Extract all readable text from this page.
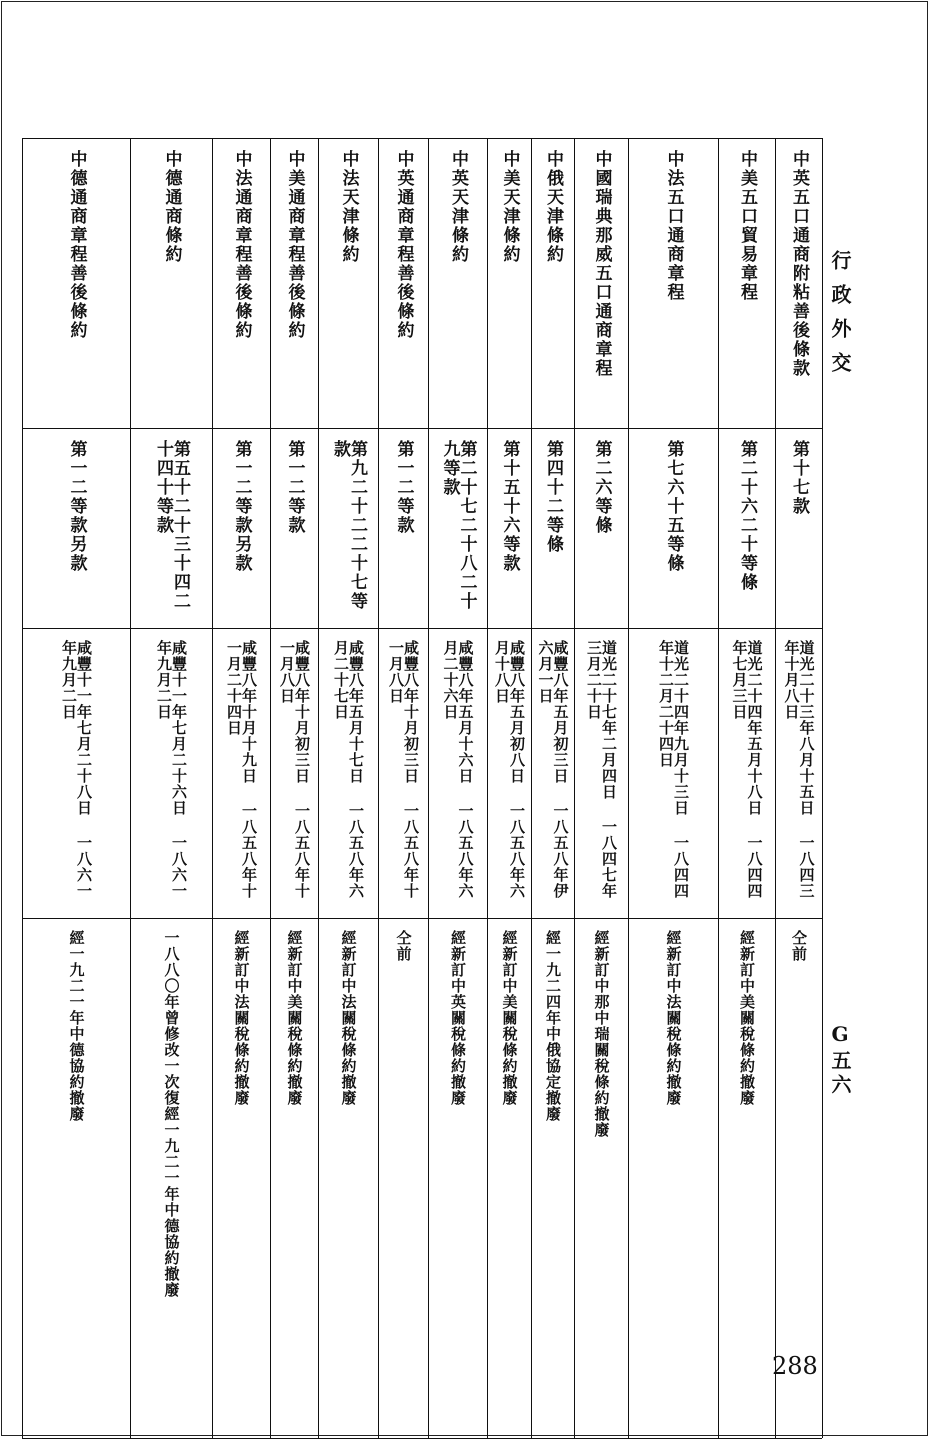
行政外交
G五六
288
中英五口通商附粘善後條款
第十七款
道光二十三年八月十五日 一八四三年十月八日
仝前
中美五口貿易章程
第二十六二十等條
道光二十四年五月十八日 一八四四年七月三日
經新訂中美關稅條約撤廢
中法五口通商章程
第七六十五等條
道光二十四年九月十三日 一八四四年十二月二十四日
經新訂中法關稅條約撤廢
中國瑞典那威五口通商章程
第二六等條
道光二十七年二月四日 一八四七年三月二十日
經新訂中那中瑞關稅條約撤廢
中俄天津條約
第四十二等條
咸豐八年五月初三日 一八五八年伊六月一日
經一九二四年中俄協定撤廢
中美天津條約
第十五十六等款
咸豐八年五月初八日 一八五八年六月十八日
經新訂中美關稅條約撤廢
中英天津條約
第二十七二十八二十九等款
咸豐八年五月十六日 一八五八年六月二十六日
經新訂中英關稅條約撤廢
中英通商章程善後條約
第一二等款
咸豐八年十月初三日 一八五八年十一月八日
仝前
中法天津條約
第九二十二二十七等款
咸豐八年五月十七日 一八五八年六月二十七日
經新訂中法關稅條約撤廢
中美通商章程善後條約
第一二等款
咸豐八年十月初三日 一八五八年十一月八日
經新訂中美關稅條約撤廢
中法通商章程善後條約
第一二等款另款
咸豐八年十月十九日 一八五八年十一月二十四日
經新訂中法關稅條約撤廢
中德通商條約
第五十二十三十四二十四十等款
咸豐十一年七月二十六日 一八六一年九月二日
一八八〇年曾修改一次復經一九二一年中德協約撤廢
中德通商章程善後條約
第一二等款另款
咸豐十一年七月二十八日 一八六一年九月二日
經一九二一年中德協約撤廢
